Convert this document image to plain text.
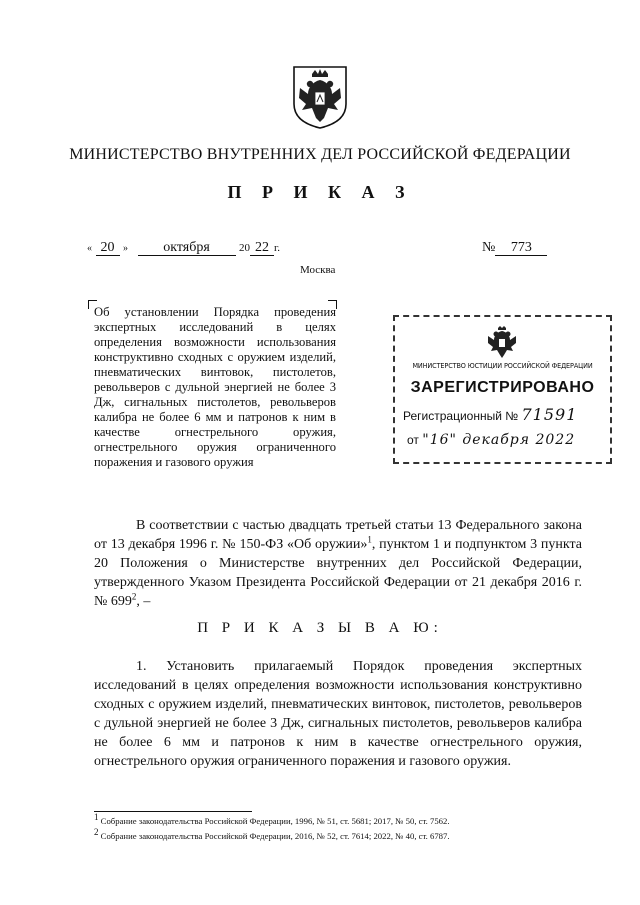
МИНИСТЕРСТВО ВНУТРЕННИХ ДЕЛ РОССИЙСКОЙ ФЕДЕРАЦИИ
П Р И К А З
« 20 »	октября	20 22 г.	№ 773
Москва
Об установлении Порядка проведения экспертных исследований в целях определения возможности использования конструктивно сходных с оружием изделий, пневматических винтовок, пистолетов, револьверов с дульной энергией не более 3 Дж, сигнальных пистолетов, револьверов калибра не более 6 мм и патронов к ним в качестве огнестрельного оружия, огнестрельного оружия ограниченного поражения и газового оружия
МИНИСТЕРСТВО ЮСТИЦИИ РОССИЙСКОЙ ФЕДЕРАЦИИ
ЗАРЕГИСТРИРОВАНО
Регистрационный № 71591
от "16" декабря 2022
В соответствии с частью двадцать третьей статьи 13 Федерального закона от 13 декабря 1996 г. № 150-ФЗ «Об оружии»$^1$, пунктом 1 и подпунктом 3 пункта 20 Положения о Министерстве внутренних дел Российской Федерации, утвержденного Указом Президента Российской Федерации от 21 декабря 2016 г. № $699^2$, –
П Р И К А З Ы В А Ю:
1. Установить прилагаемый Порядок проведения экспертных исследований в целях определения возможности использования конструктивно сходных с оружием изделий, пневматических винтовок, пистолетов, револьверов с дульной энергией не более 3 Дж, сигнальных пистолетов, револьверов калибра не более 6 мм и патронов к ним в качестве огнестрельного оружия, огнестрельного оружия ограниченного поражения и газового оружия.
$^1$ Собрание законодательства Российской Федерации, 1996, № 51, ст. 5681; 2017, № 50, ст. 7562.
$^2$ Собрание законодательства Российской Федерации, 2016, № 52, ст. 7614; 2022, № 40, ст. 6787.
